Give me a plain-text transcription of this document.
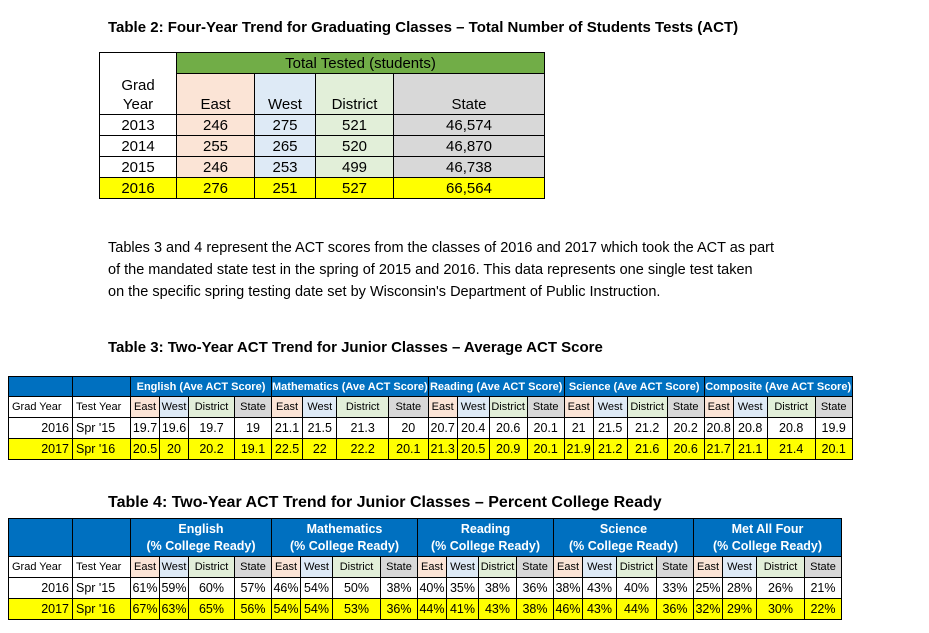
Table 2: Four-Year Trend for Graduating Classes – Total Number of Students Tests (ACT)
	Total Tested (students)			
Grad
Year	East	West	District	State
2013	246	275	521	46,574
2014	255	265	520	46,870
2015	246	253	499	46,738
2016	276	251	527	66,564
Tables 3 and 4 represent the ACT scores from the classes of 2016 and 2017 which took the ACT as part
of the mandated state test in the spring of 2015 and 2016. This data represents one single test taken
on the specific spring testing date set by Wisconsin's Department of Public Instruction.
Table 3: Two-Year ACT Trend for Junior Classes – Average ACT Score
		English (Ave ACT Score)				Mathematics (Ave ACT Score)				Reading (Ave ACT Score)				Science (Ave ACT Score)				Composite (Ave ACT Score)			
Grad Year	Test Year	East	West	District	State	East	West	District	State	East	West	District	State	East	West	District	State	East	West	District	State
2016	Spr '15	19.7	19.6	19.7	19	21.1	21.5	21.3	20	20.7	20.4	20.6	20.1	21	21.5	21.2	20.2	20.8	20.8	20.8	19.9
2017	Spr '16	20.5	20	20.2	19.1	22.5	22	22.2	20.1	21.3	20.5	20.9	20.1	21.9	21.2	21.6	20.6	21.7	21.1	21.4	20.1
Table 4: Two-Year ACT Trend for Junior Classes – Percent College Ready
		English
(% College Ready)				Mathematics
(% College Ready)				Reading
(% College Ready)				Science
(% College Ready)				Met All Four
(% College Ready)			
Grad Year	Test Year	East	West	District	State	East	West	District	State	East	West	District	State	East	West	District	State	East	West	District	State
2016	Spr '15	61%	59%	60%	57%	46%	54%	50%	38%	40%	35%	38%	36%	38%	43%	40%	33%	25%	28%	26%	21%
2017	Spr '16	67%	63%	65%	56%	54%	54%	53%	36%	44%	41%	43%	38%	46%	43%	44%	36%	32%	29%	30%	22%
